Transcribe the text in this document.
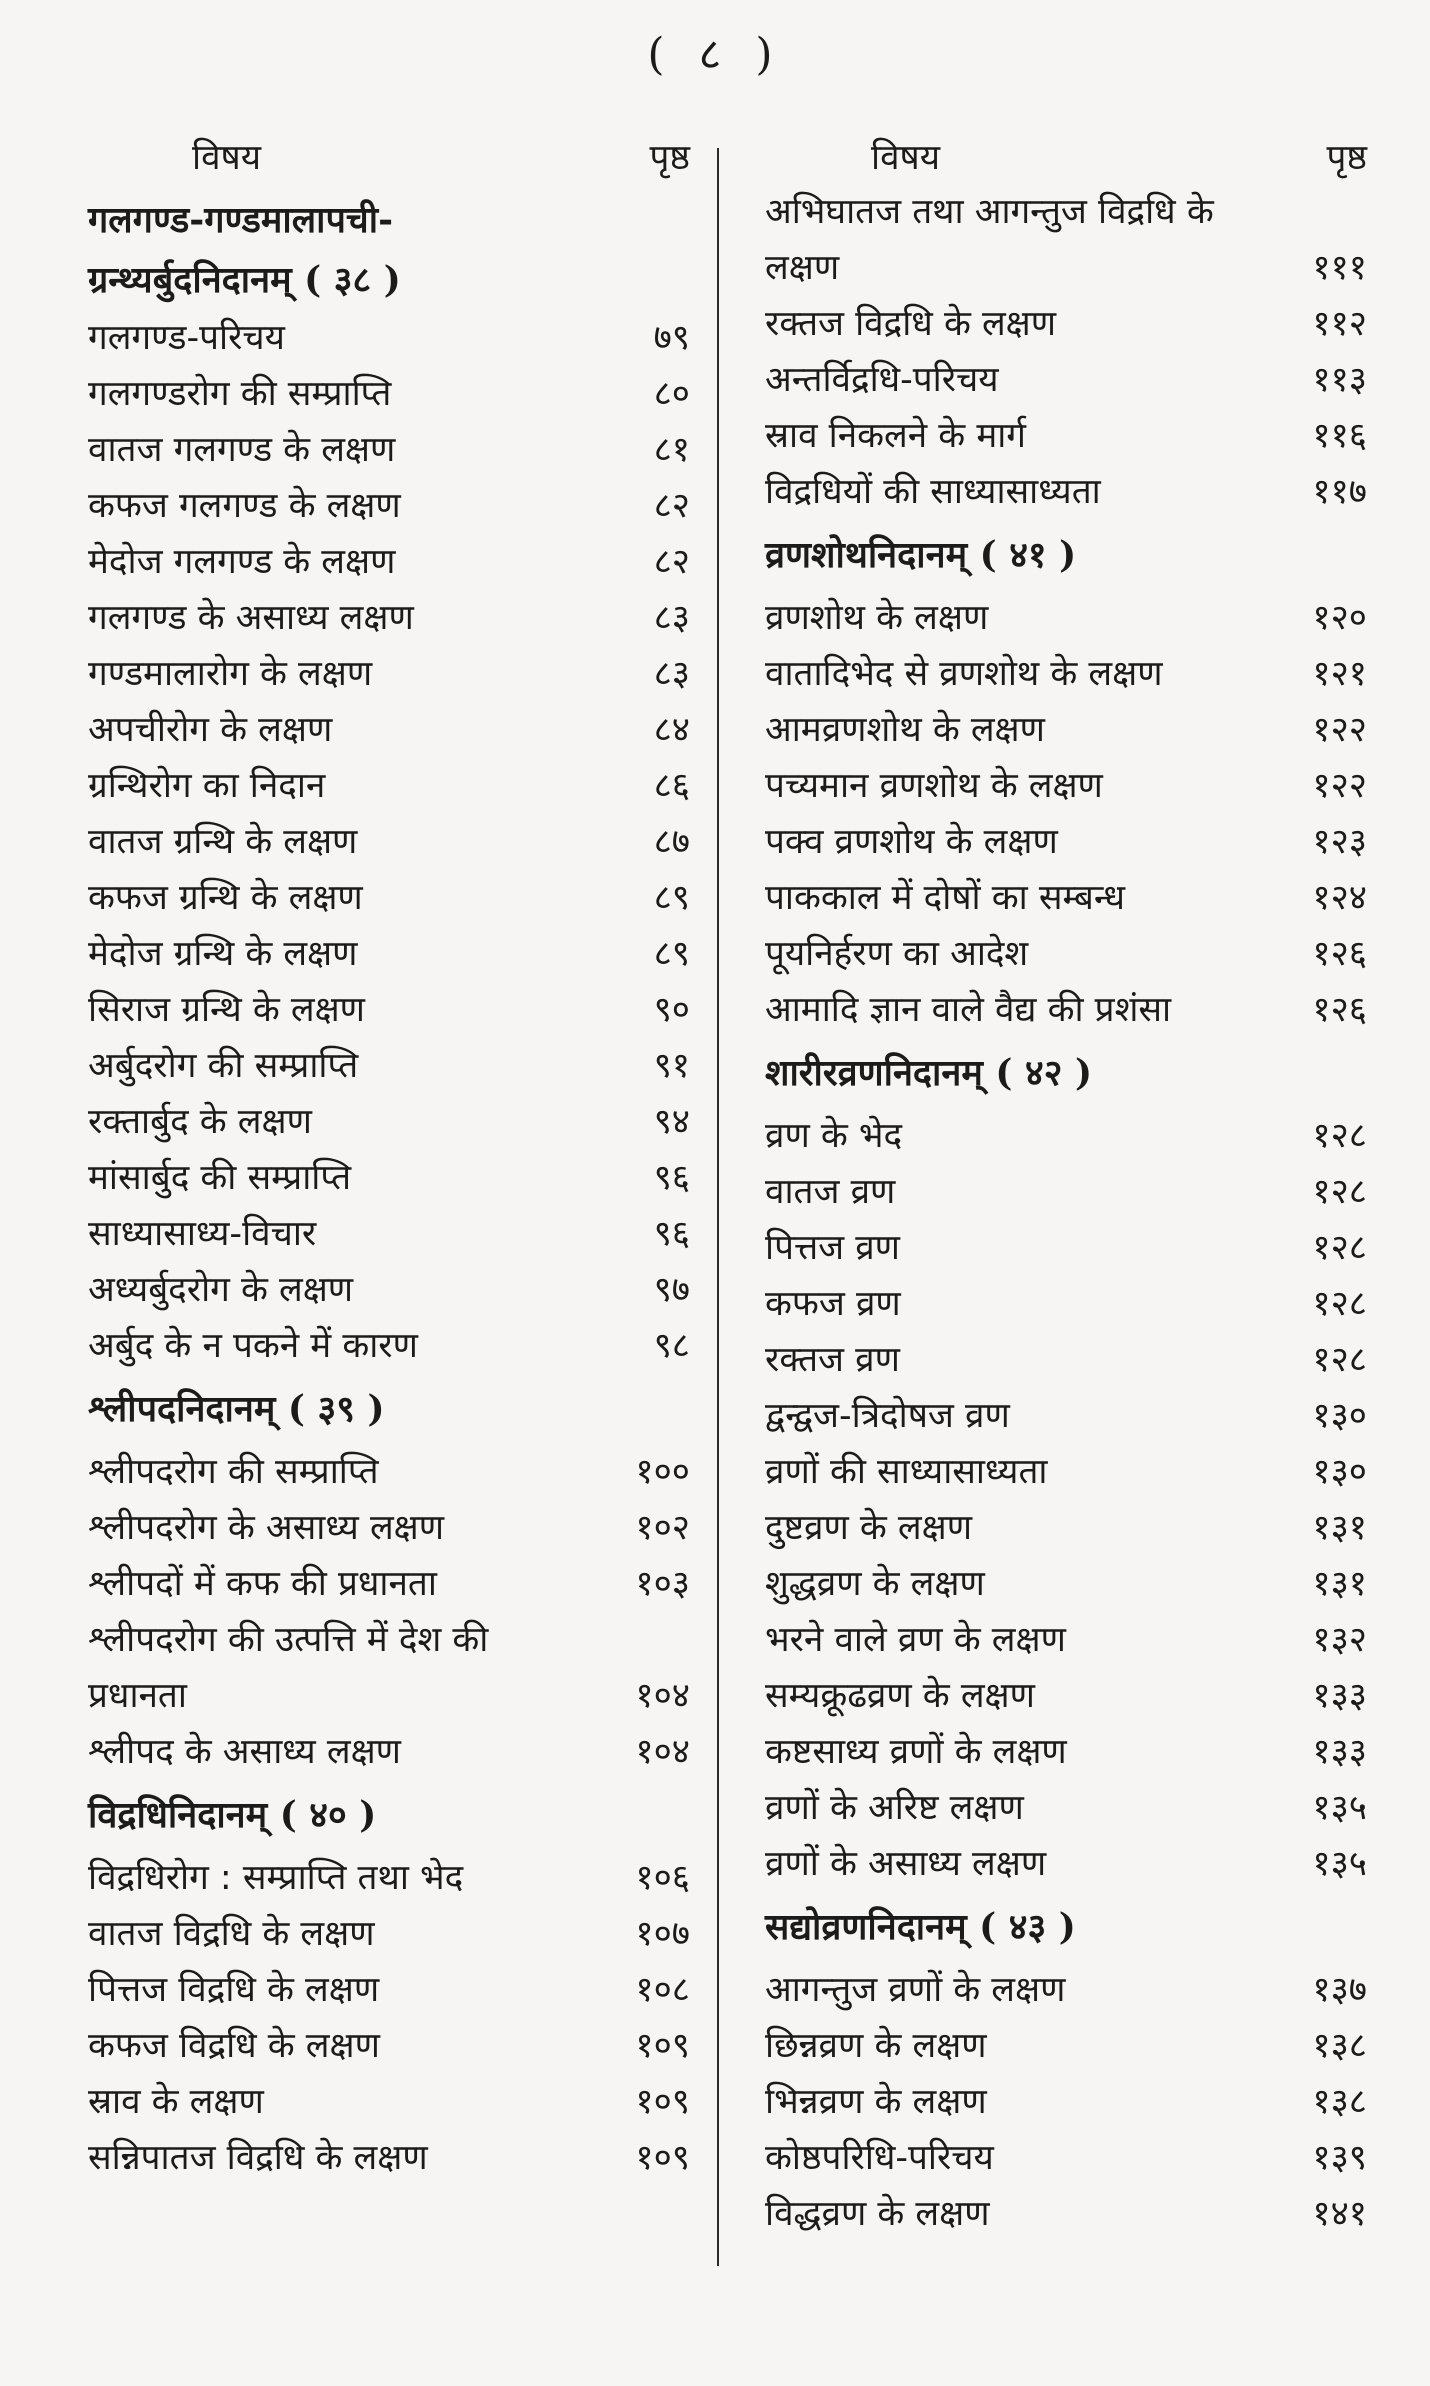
( ८ )
विषय	पृष्ठ
गलगण्ड-गण्डमालापची-ग्रन्थ्यर्बुदनिदानम् ( ३८ )
गलगण्ड-परिचय	७९
गलगण्डरोग की सम्प्राप्ति	८०
वातज गलगण्ड के लक्षण	८१
कफज गलगण्ड के लक्षण	८२
मेदोज गलगण्ड के लक्षण	८२
गलगण्ड के असाध्य लक्षण	८३
गण्डमालारोग के लक्षण	८३
अपचीरोग के लक्षण	८४
ग्रन्थिरोग का निदान	८६
वातज ग्रन्थि के लक्षण	८७
कफज ग्रन्थि के लक्षण	८९
मेदोज ग्रन्थि के लक्षण	८९
सिराज ग्रन्थि के लक्षण	९०
अर्बुदरोग की सम्प्राप्ति	९१
रक्तार्बुद के लक्षण	९४
मांसार्बुद की सम्प्राप्ति	९६
साध्यासाध्य-विचार	९६
अध्यर्बुदरोग के लक्षण	९७
अर्बुद के न पकने में कारण	९८
श्लीपदनिदानम् ( ३९ )
श्लीपदरोग की सम्प्राप्ति	१००
श्लीपदरोग के असाध्य लक्षण	१०२
श्लीपदों में कफ की प्रधानता	१०३
श्लीपदरोग की उत्पत्ति में देश की प्रधानता	१०४
श्लीपद के असाध्य लक्षण	१०४
विद्रधिनिदानम् ( ४० )
विद्रधिरोग : सम्प्राप्ति तथा भेद	१०६
वातज विद्रधि के लक्षण	१०७
पित्तज विद्रधि के लक्षण	१०८
कफज विद्रधि के लक्षण	१०९
स्राव के लक्षण	१०९
सन्निपातज विद्रधि के लक्षण	१०९
विषय	पृष्ठ
अभिघातज तथा आगन्तुज विद्रधि के लक्षण	१११
रक्तज विद्रधि के लक्षण	११२
अन्तर्विद्रधि-परिचय	११३
स्राव निकलने के मार्ग	११६
विद्रधियों की साध्यासाध्यता	११७
व्रणशोथनिदानम् ( ४१ )
व्रणशोथ के लक्षण	१२०
वातादिभेद से व्रणशोथ के लक्षण	१२१
आमव्रणशोथ के लक्षण	१२२
पच्यमान व्रणशोथ के लक्षण	१२२
पक्व व्रणशोथ के लक्षण	१२३
पाककाल में दोषों का सम्बन्ध	१२४
पूयनिर्हरण का आदेश	१२६
आमादि ज्ञान वाले वैद्य की प्रशंसा	१२६
शारीरव्रणनिदानम् ( ४२ )
व्रण के भेद	१२८
वातज व्रण	१२८
पित्तज व्रण	१२८
कफज व्रण	१२८
रक्तज व्रण	१२८
द्वन्द्वज-त्रिदोषज व्रण	१३०
व्रणों की साध्यासाध्यता	१३०
दुष्टव्रण के लक्षण	१३१
शुद्धव्रण के लक्षण	१३१
भरने वाले व्रण के लक्षण	१३२
सम्यक्रूढव्रण के लक्षण	१३३
कष्टसाध्य व्रणों के लक्षण	१३३
व्रणों के अरिष्ट लक्षण	१३५
व्रणों के असाध्य लक्षण	१३५
सद्योव्रणनिदानम् ( ४३ )
आगन्तुज व्रणों के लक्षण	१३७
छिन्नव्रण के लक्षण	१३८
भिन्नव्रण के लक्षण	१३८
कोष्ठपरिधि-परिचय	१३९
विद्धव्रण के लक्षण	१४१
